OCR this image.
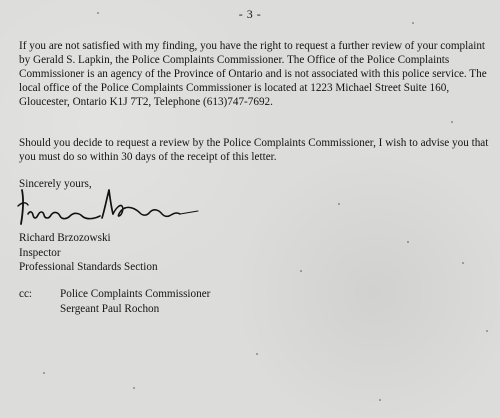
- 3 -

If you are not satisfied with my finding, you have the right to request a further review of your complaint by Gerald S. Lapkin, the Police Complaints Commissioner. The Office of the Police Complaints Commissioner is an agency of the Province of Ontario and is not associated with this police service. The local office of the Police Complaints Commissioner is located at 1223 Michael Street Suite 160, Gloucester, Ontario K1J 7T2, Telephone (613)747-7692.

Should you decide to request a review by the Police Complaints Commissioner, I wish to advise you that you must do so within 30 days of the receipt of this letter.

Sincerely yours,
Richard Brzozowski
Inspector
Professional Standards Section
cc: Police Complaints Commissioner
Sergeant Paul Rochon
